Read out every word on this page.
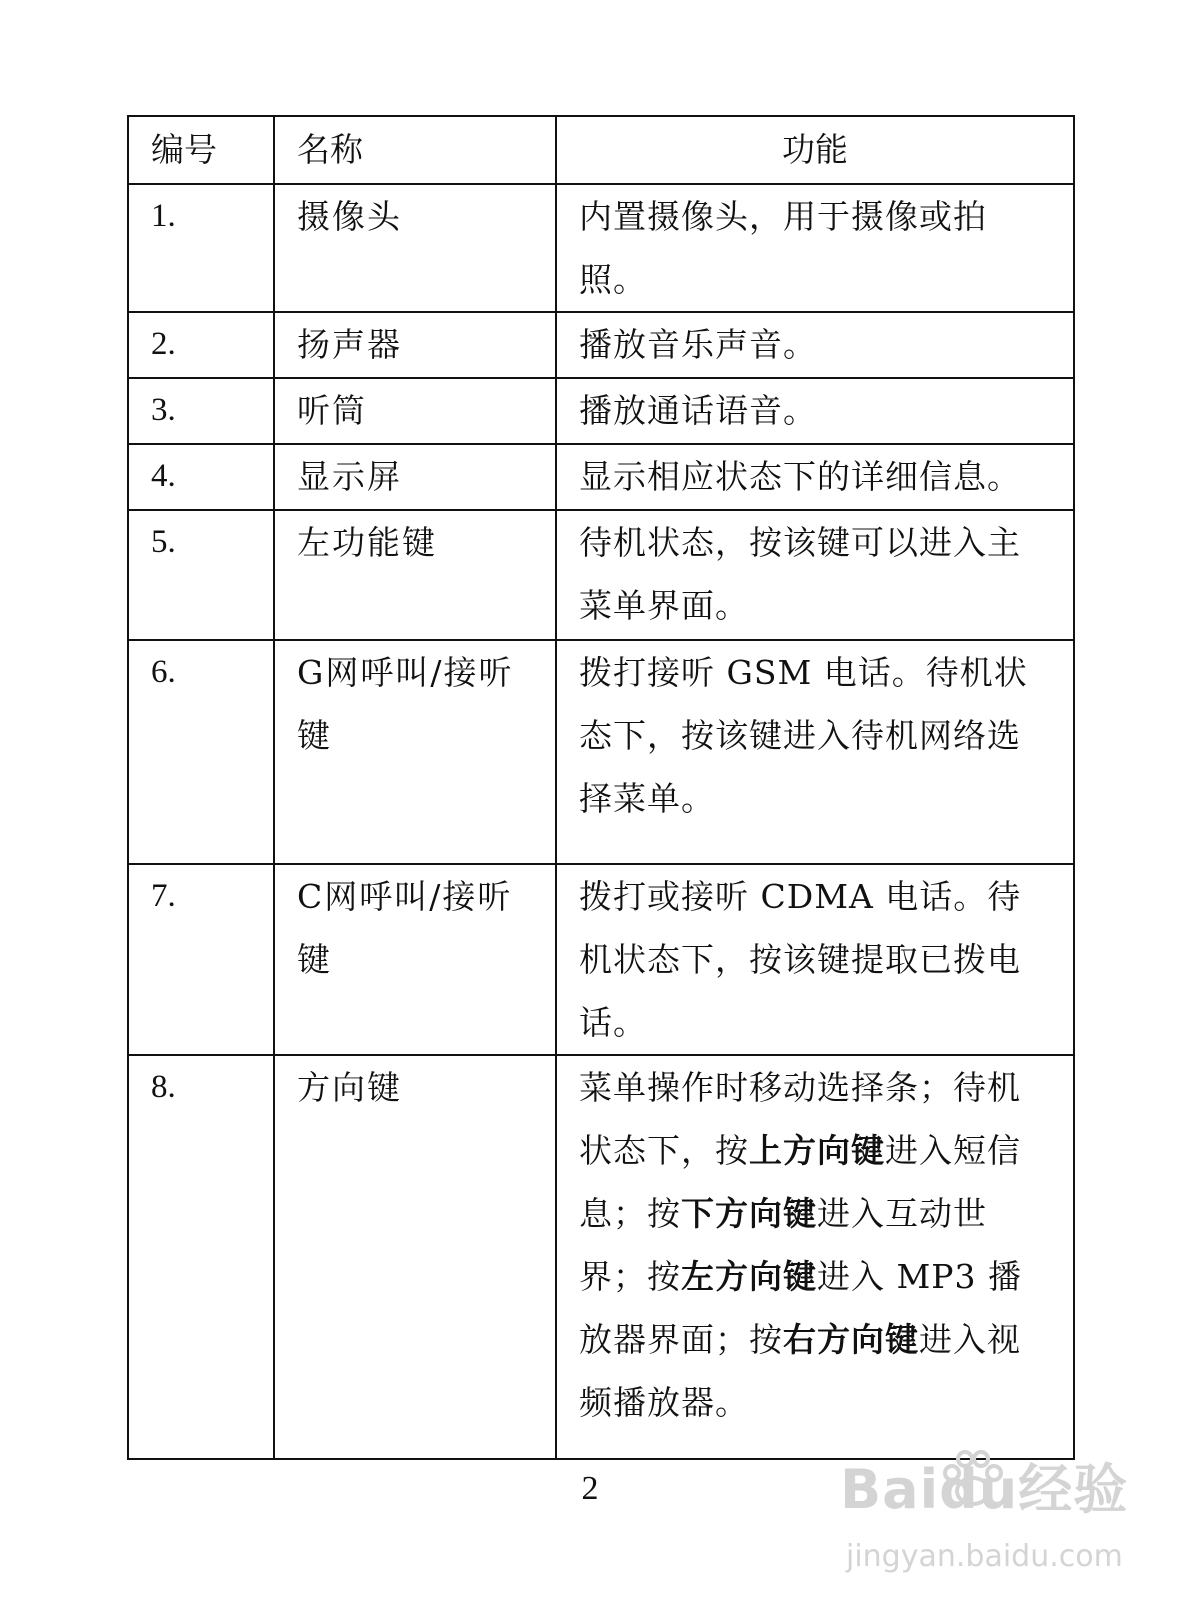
编号	名称	功能
1.	摄像头	内置摄像头，用于摄像或拍照。
2.	扬声器	播放音乐声音。
3.	听筒	播放通话语音。
4.	显示屏	显示相应状态下的详细信息。
5.	左功能键	待机状态，按该键可以进入主菜单界面。
6.	G网呼叫/接听键	拨打接听 GSM 电话。待机状态下，按该键进入待机网络选择菜单。
7.	C网呼叫/接听键	拨打或接听 CDMA 电话。待机状态下，按该键提取已拨电话。
8.	方向键	菜单操作时移动选择条；待机状态下，按上方向键进入短信息；按下方向键进入互动世界；按左方向键进入 MP3 播放器界面；按右方向键进入视频播放器。
2	Baidu经验
jingyan.baidu.com
